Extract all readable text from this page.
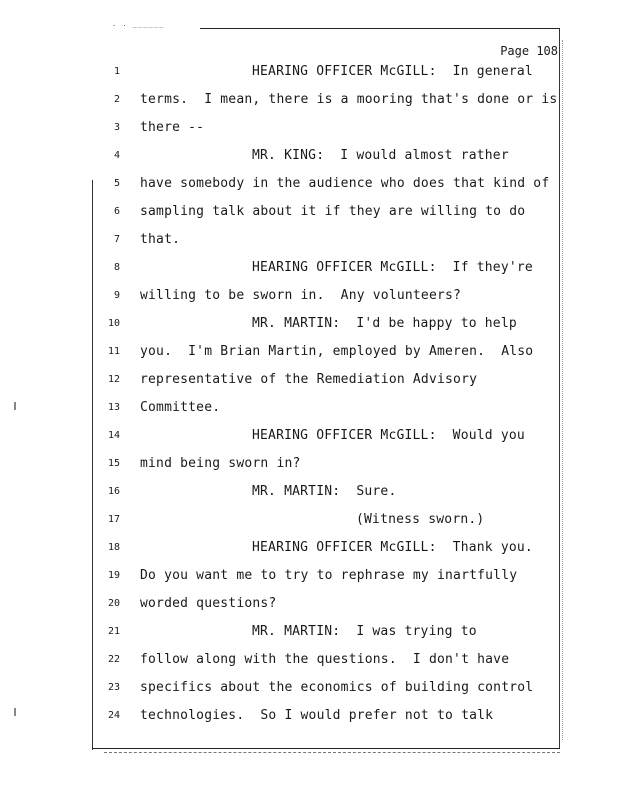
. . ______
Page 108
1	HEARING OFFICER McGILL:  In general
2 terms.  I mean, there is a mooring that's done or is
3 there --
4	MR. KING:  I would almost rather
5 have somebody in the audience who does that kind of
6 sampling talk about it if they are willing to do
7 that.
8	HEARING OFFICER McGILL:  If they're
9 willing to be sworn in.  Any volunteers?
10	MR. MARTIN:  I'd be happy to help
11 you.  I'm Brian Martin, employed by Ameren.  Also
12 representative of the Remediation Advisory
13 Committee.
14	HEARING OFFICER McGILL:  Would you
15 mind being sworn in?
16	MR. MARTIN:  Sure.
17	(Witness sworn.)
18	HEARING OFFICER McGILL:  Thank you.
19 Do you want me to try to rephrase my inartfully
20 worded questions?
21	MR. MARTIN:  I was trying to
22 follow along with the questions.  I don't have
23 specifics about the economics of building control
24 technologies.  So I would prefer not to talk
